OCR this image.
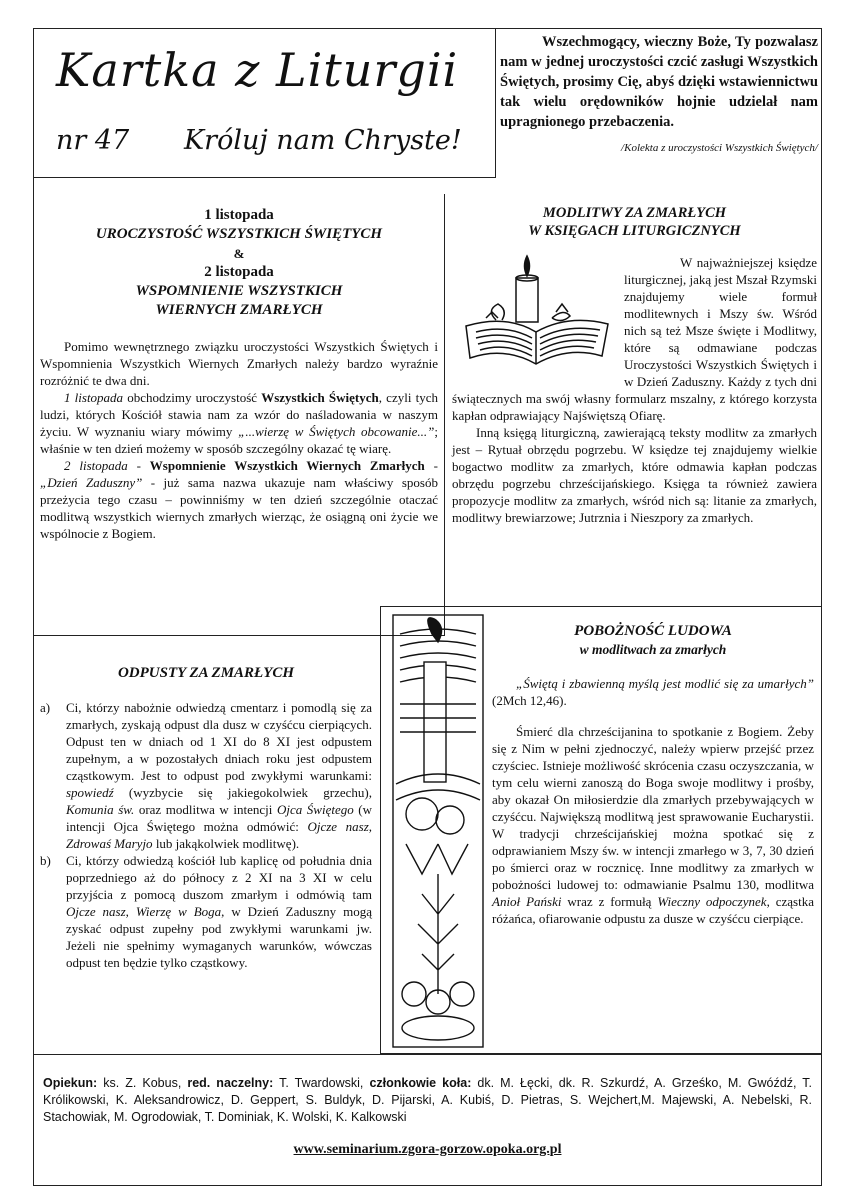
Kartka z Liturgii
nr 47 Króluj nam Chryste!

Wszechmogący, wieczny Boże, Ty pozwalasz nam w jednej uroczystości czcić zasługi Wszystkich Świętych, prosimy Cię, abyś dzięki wstawiennictwu tak wielu orędowników hojnie udzielał nam upragnionego przebaczenia.

/Kolekta z uroczystości Wszystkich Świętych/

1 listopada

UROCZYSTOŚĆ WSZYSTKICH ŚWIĘTYCH

&

2 listopada

WSPOMNIENIE WSZYSTKICH

WIERNYCH ZMARŁYCH

Pomimo wewnętrznego związku uroczystości Wszystkich Świętych i Wspomnienia Wszystkich Wiernych Zmarłych należy bardzo wyraźnie rozróżnić te dwa dni.

1 listopada obchodzimy uroczystość Wszystkich Świętych, czyli tych ludzi, których Kościół stawia nam za wzór do naśladowania w naszym życiu. W wyznaniu wiary mówimy „...wierzę w Świętych obcowanie...”; właśnie w ten dzień możemy w sposób szczególny okazać tę wiarę.

2 listopada - Wspomnienie Wszystkich Wiernych Zmarłych - „Dzień Zaduszny” - już sama nazwa ukazuje nam właściwy sposób przeżycia tego czasu – powinniśmy w ten dzień szczególnie otaczać modlitwą wszystkich wiernych zmarłych wierząc, że osiągną oni życie we wspólnocie z Bogiem.

MODLITWY ZA ZMARŁYCH

W KSIĘGACH LITURGICZNYCH

W najważniejszej księdze liturgicznej, jaką jest Mszał Rzymski znajdujemy wiele formuł modlitewnych i Mszy św. Wśród nich są też Msze święte i Modlitwy, które są odmawiane podczas Uroczystości Wszystkich Świętych i w Dzień Zaduszny. Każdy z tych dni świątecznych ma swój własny formularz mszalny, z którego korzysta kapłan odprawiający Najświętszą Ofiarę.

Inną księgą liturgiczną, zawierającą teksty modlitw za zmarłych jest – Rytuał obrzędu pogrzebu. W księdze tej znajdujemy wielkie bogactwo modlitw za zmarłych, które odmawia kapłan podczas obrzędu pogrzebu chrześcijańskiego. Księga ta również zawiera propozycje modlitw za zmarłych, wśród nich są: litanie za zmarłych, modlitwy brewiarzowe; Jutrznia i Nieszpory za zmarłych.

ODPUSTY ZA ZMARŁYCH

a) Ci, którzy nabożnie odwiedzą cmentarz i pomodlą się za zmarłych, zyskają odpust dla dusz w czyśćcu cierpiących. Odpust ten w dniach od 1 XI do 8 XI jest odpustem zupełnym, a w pozostałych dniach roku jest odpustem cząstkowym. Jest to odpust pod zwykłymi warunkami: spowiedź (wyzbycie się jakiegokolwiek grzechu), Komunia św. oraz modlitwa w intencji Ojca Świętego (w intencji Ojca Świętego można odmówić: Ojcze nasz, Zdrowaś Maryjo lub jakąkolwiek modlitwę).
b) Ci, którzy odwiedzą kościół lub kaplicę od południa dnia poprzedniego aż do północy z 2 XI na 3 XI w celu przyjścia z pomocą duszom zmarłym i odmówią tam Ojcze nasz, Wierzę w Boga, w Dzień Zaduszny mogą zyskać odpust zupełny pod zwykłymi warunkami jw. Jeżeli nie spełnimy wymaganych warunków, wówczas odpust ten będzie tylko cząstkowy.

POBOŻNOŚĆ LUDOWA

w modlitwach za zmarłych

„Świętą i zbawienną myślą jest modlić się za umarłych” (2Mch 12,46).

Śmierć dla chrześcijanina to spotkanie z Bogiem. Żeby się z Nim w pełni zjednoczyć, należy wpierw przejść przez czyściec. Istnieje możliwość skrócenia czasu oczyszczania, w tym celu wierni zanoszą do Boga swoje modlitwy i prośby, aby okazał On miłosierdzie dla zmarłych przebywających w czyśćcu. Największą modlitwą jest sprawowanie Eucharystii. W tradycji chrześcijańskiej można spotkać się z odprawianiem Mszy św. w intencji zmarłego w 3, 7, 30 dzień po śmierci oraz w rocznicę. Inne modlitwy za zmarłych w pobożności ludowej to: odmawianie Psalmu 130, modlitwa Anioł Pański wraz z formułą Wieczny odpoczynek, cząstka różańca, ofiarowanie odpustu za dusze w czyśćcu cierpiące.

Opiekun: ks. Z. Kobus, red. naczelny: T. Twardowski, członkowie koła: dk. M. Łęcki, dk. R. Szkurdź, A. Grześko, M. Gwóźdź, T. Królikowski, K. Aleksandrowicz, D. Geppert, S. Buldyk, D. Pijarski, A. Kubiś, D. Pietras, S. Wejchert,M. Majewski, A. Nebelski, R. Stachowiak, M. Ogrodowiak, T. Dominiak, K. Wolski, K. Kalkowski

www.seminarium.zgora-gorzow.opoka.org.pl
